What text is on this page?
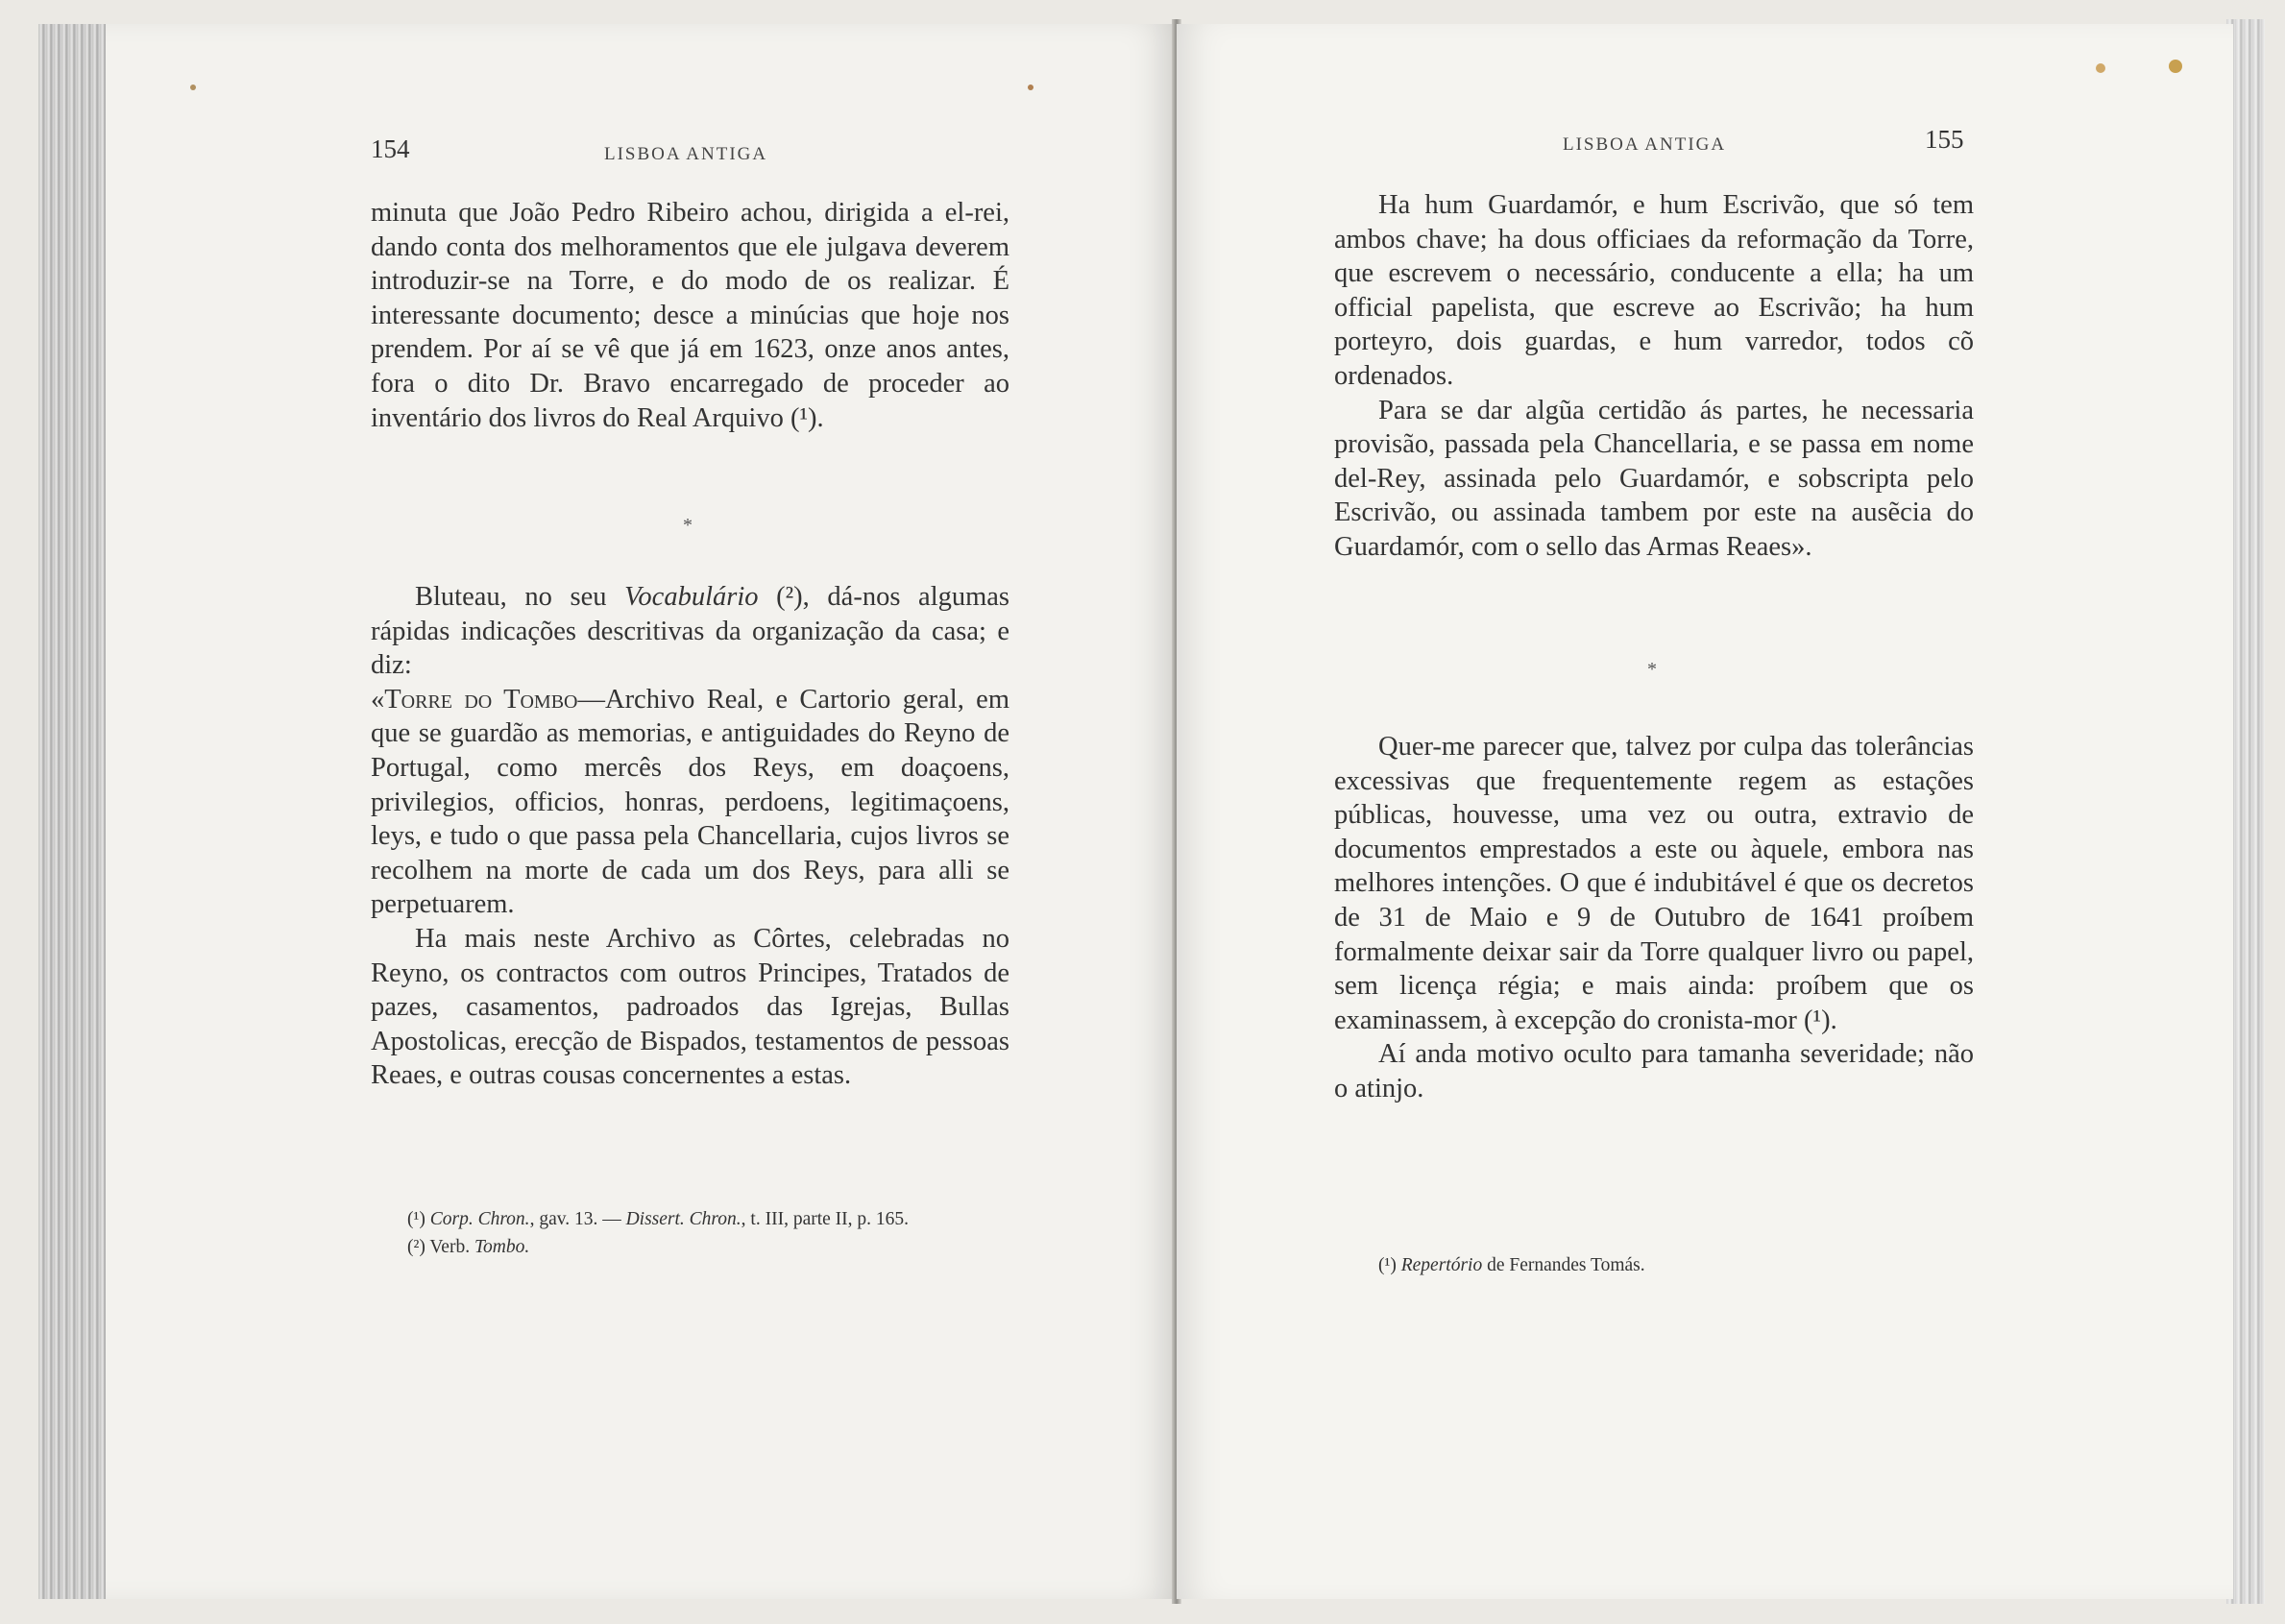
154	LISBOA ANTIGA

minuta que João Pedro Ribeiro achou, dirigida a el-rei, dando conta dos melhoramentos que ele julgava deverem introduzir-se na Torre, e do modo de os realizar. É interessante documento; desce a minúcias que hoje nos prendem. Por aí se vê que já em 1623, onze anos antes, fora o dito Dr. Bravo encarregado de proceder ao inventário dos livros do Real Arquivo (¹).

*

Bluteau, no seu Vocabulário (²), dá-nos algumas rápidas indicações descritivas da organização da casa; e diz:

«Torre do Tombo—Archivo Real, e Cartorio geral, em que se guardão as memorias, e antiguidades do Reyno de Portugal, como mercês dos Reys, em doaçoens, privilegios, officios, honras, perdoens, legitimaçoens, leys, e tudo o que passa pela Chancellaria, cujos livros se recolhem na morte de cada um dos Reys, para alli se perpetuarem.

Ha mais neste Archivo as Côrtes, celebradas no Reyno, os contractos com outros Principes, Tratados de pazes, casamentos, padroados das Igrejas, Bullas Apostolicas, erecção de Bispados, testamentos de pessoas Reaes, e outras cousas concernentes a estas.

(¹) Corp. Chron., gav. 13. — Dissert. Chron., t. III, parte II, p. 165.

(²) Verb. Tombo.

LISBOA ANTIGA	155

Ha hum Guardamór, e hum Escrivão, que só tem ambos chave; ha dous officiaes da reformação da Torre, que escrevem o necessário, conducente a ella; ha um official papelista, que escreve ao Escrivão; ha hum porteyro, dois guardas, e hum varredor, todos cõ ordenados.

Para se dar algũa certidão ás partes, he necessaria provisão, passada pela Chancellaria, e se passa em nome del-Rey, assinada pelo Guardamór, e sobscripta pelo Escrivão, ou assinada tambem por este na ausẽcia do Guardamór, com o sello das Armas Reaes».

*

Quer-me parecer que, talvez por culpa das tolerâncias excessivas que frequentemente regem as estações públicas, houvesse, uma vez ou outra, extravio de documentos emprestados a este ou àquele, embora nas melhores intenções. O que é indubitável é que os decretos de 31 de Maio e 9 de Outubro de 1641 proíbem formalmente deixar sair da Torre qualquer livro ou papel, sem licença régia; e mais ainda: proíbem que os examinassem, à excepção do cronista-mor (¹).

Aí anda motivo oculto para tamanha severidade; não o atinjo.

(¹) Repertório de Fernandes Tomás.
